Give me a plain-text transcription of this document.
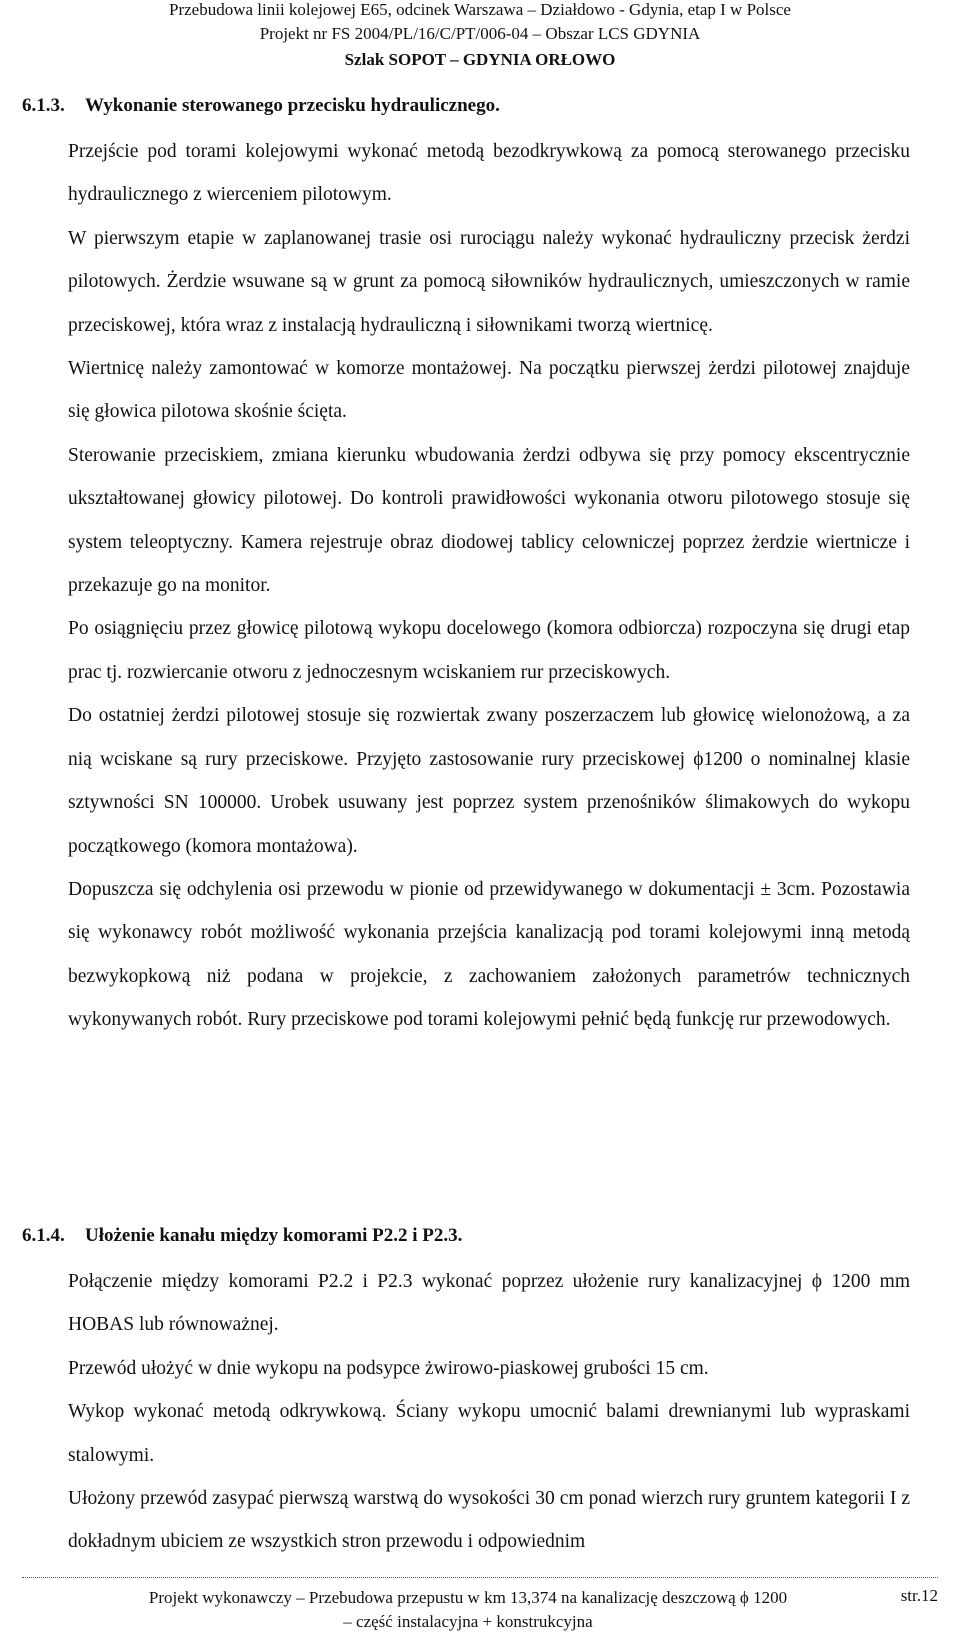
Przebudowa linii kolejowej E65, odcinek Warszawa – Działdowo - Gdynia, etap I w Polsce
Projekt nr FS 2004/PL/16/C/PT/006-04 – Obszar LCS GDYNIA
Szlak SOPOT – GDYNIA ORŁOWO
6.1.3. Wykonanie sterowanego przecisku hydraulicznego.
Przejście pod torami kolejowymi wykonać metodą bezodkrywkową za pomocą sterowanego przecisku hydraulicznego z wierceniem pilotowym.
W pierwszym etapie w zaplanowanej trasie osi rurociągu należy wykonać hydrauliczny przecisk żerdzi pilotowych. Żerdzie wsuwane są w grunt za pomocą siłowników hydraulicznych, umieszczonych w ramie przeciskowej, która wraz z instalacją hydrauliczną i siłownikami tworzą wiertnicę.
Wiertnicę należy zamontować w komorze montażowej. Na początku pierwszej żerdzi pilotowej znajduje się głowica pilotowa skośnie ścięta.
Sterowanie przeciskiem, zmiana kierunku wbudowania żerdzi odbywa się przy pomocy ekscentrycznie ukształtowanej głowicy pilotowej. Do kontroli prawidłowości wykonania otworu pilotowego stosuje się system teleoptyczny. Kamera rejestruje obraz diodowej tablicy celowniczej poprzez żerdzie wiertnicze i przekazuje go na monitor.
Po osiągnięciu przez głowicę pilotową wykopu docelowego (komora odbiorcza) rozpoczyna się drugi etap prac tj. rozwiercanie otworu z jednoczesnym wciskaniem rur przeciskowych.
Do ostatniej żerdzi pilotowej stosuje się rozwiertak zwany poszerzaczem lub głowicę wielonożową, a za nią wciskane są rury przeciskowe. Przyjęto zastosowanie rury przeciskowej ϕ1200 o nominalnej klasie sztywności SN 100000. Urobek usuwany jest poprzez system przenośników ślimakowych do wykopu początkowego (komora montażowa).
Dopuszcza się odchylenia osi przewodu w pionie od przewidywanego w dokumentacji ± 3cm. Pozostawia się wykonawcy robót możliwość wykonania przejścia kanalizacją pod torami kolejowymi inną metodą bezwykopkową niż podana w projekcie, z zachowaniem założonych parametrów technicznych wykonywanych robót. Rury przeciskowe pod torami kolejowymi pełnić będą funkcję rur przewodowych.
6.1.4. Ułożenie kanału między komorami P2.2 i P2.3.
Połączenie między komorami P2.2 i P2.3 wykonać poprzez ułożenie rury kanalizacyjnej ϕ 1200 mm HOBAS lub równoważnej.
Przewód ułożyć w dnie wykopu na podsypce żwirowo-piaskowej grubości 15 cm.
Wykop wykonać metodą odkrywkową. Ściany wykopu umocnić balami drewnianymi lub wypraskami stalowymi.
Ułożony przewód zasypać pierwszą warstwą do wysokości 30 cm ponad wierzch rury gruntem kategorii I z dokładnym ubiciem ze wszystkich stron przewodu i odpowiednim
Projekt wykonawczy – Przebudowa przepustu w km 13,374 na kanalizację deszczową ϕ 1200
– część instalacyjna + konstrukcyjna
str.12
